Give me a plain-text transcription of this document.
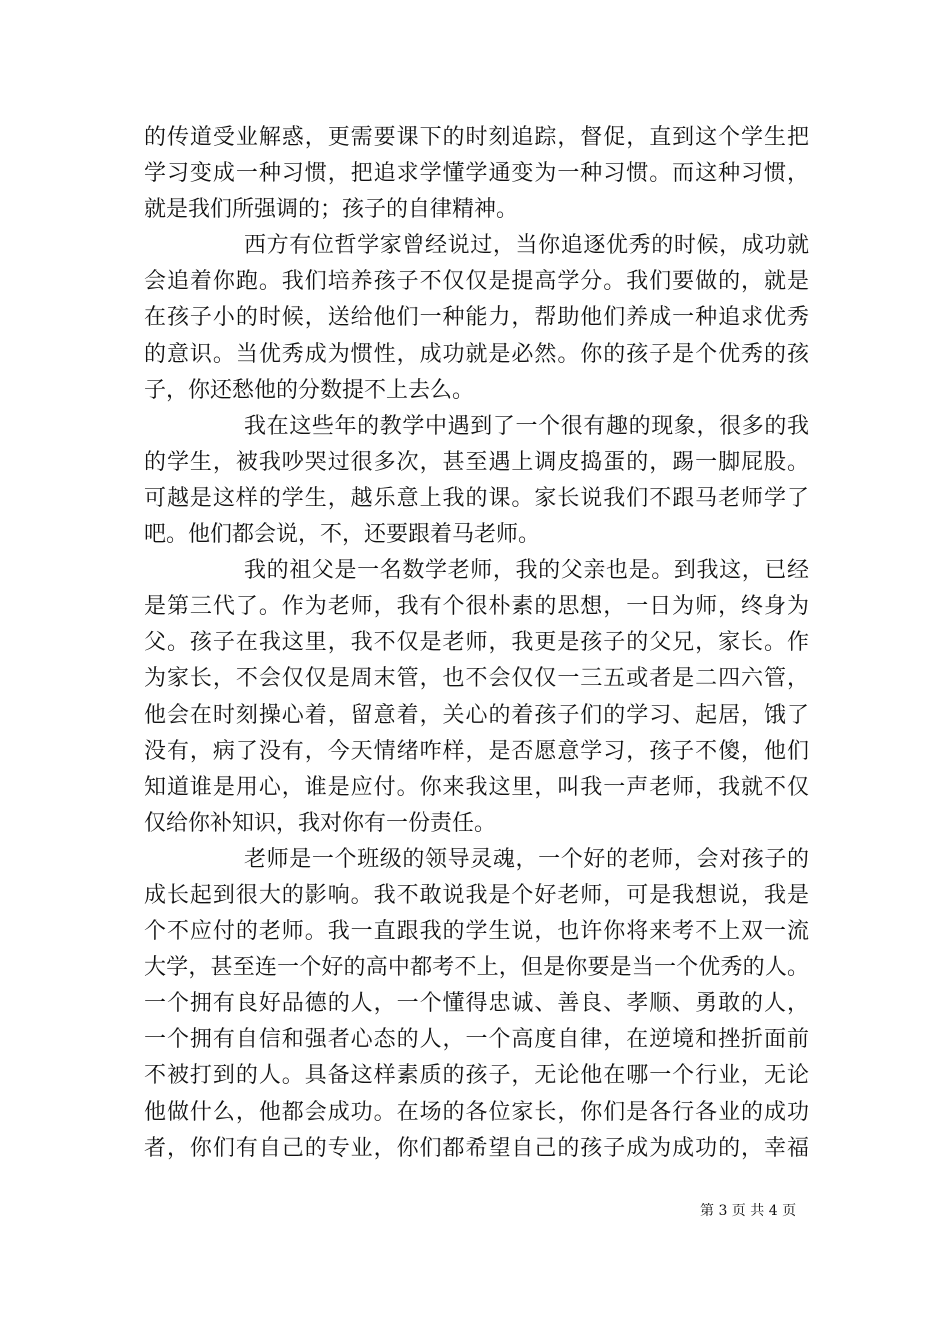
的传道受业解惑，更需要课下的时刻追踪，督促，直到这个学生把
学习变成一种习惯，把追求学懂学通变为一种习惯。而这种习惯，
就是我们所强调的；孩子的自律精神。
西方有位哲学家曾经说过，当你追逐优秀的时候，成功就
会追着你跑。我们培养孩子不仅仅是提高学分。我们要做的，就是
在孩子小的时候，送给他们一种能力，帮助他们养成一种追求优秀
的意识。当优秀成为惯性，成功就是必然。你的孩子是个优秀的孩
子，你还愁他的分数提不上去么。
我在这些年的教学中遇到了一个很有趣的现象，很多的我
的学生，被我吵哭过很多次，甚至遇上调皮捣蛋的，踢一脚屁股。
可越是这样的学生，越乐意上我的课。家长说我们不跟马老师学了
吧。他们都会说，不，还要跟着马老师。
我的祖父是一名数学老师，我的父亲也是。到我这，已经
是第三代了。作为老师，我有个很朴素的思想，一日为师，终身为
父。孩子在我这里，我不仅是老师，我更是孩子的父兄，家长。作
为家长，不会仅仅是周末管，也不会仅仅一三五或者是二四六管，
他会在时刻操心着，留意着，关心的着孩子们的学习、起居，饿了
没有，病了没有，今天情绪咋样，是否愿意学习，孩子不傻，他们
知道谁是用心，谁是应付。你来我这里，叫我一声老师，我就不仅
仅给你补知识，我对你有一份责任。
老师是一个班级的领导灵魂，一个好的老师，会对孩子的
成长起到很大的影响。我不敢说我是个好老师，可是我想说，我是
个不应付的老师。我一直跟我的学生说，也许你将来考不上双一流
大学，甚至连一个好的高中都考不上，但是你要是当一个优秀的人。
一个拥有良好品德的人，一个懂得忠诚、善良、孝顺、勇敢的人，
一个拥有自信和强者心态的人，一个高度自律，在逆境和挫折面前
不被打到的人。具备这样素质的孩子，无论他在哪一个行业，无论
他做什么，他都会成功。在场的各位家长，你们是各行各业的成功
者，你们有自己的专业，你们都希望自己的孩子成为成功的，幸福
第 3 页 共 4 页
